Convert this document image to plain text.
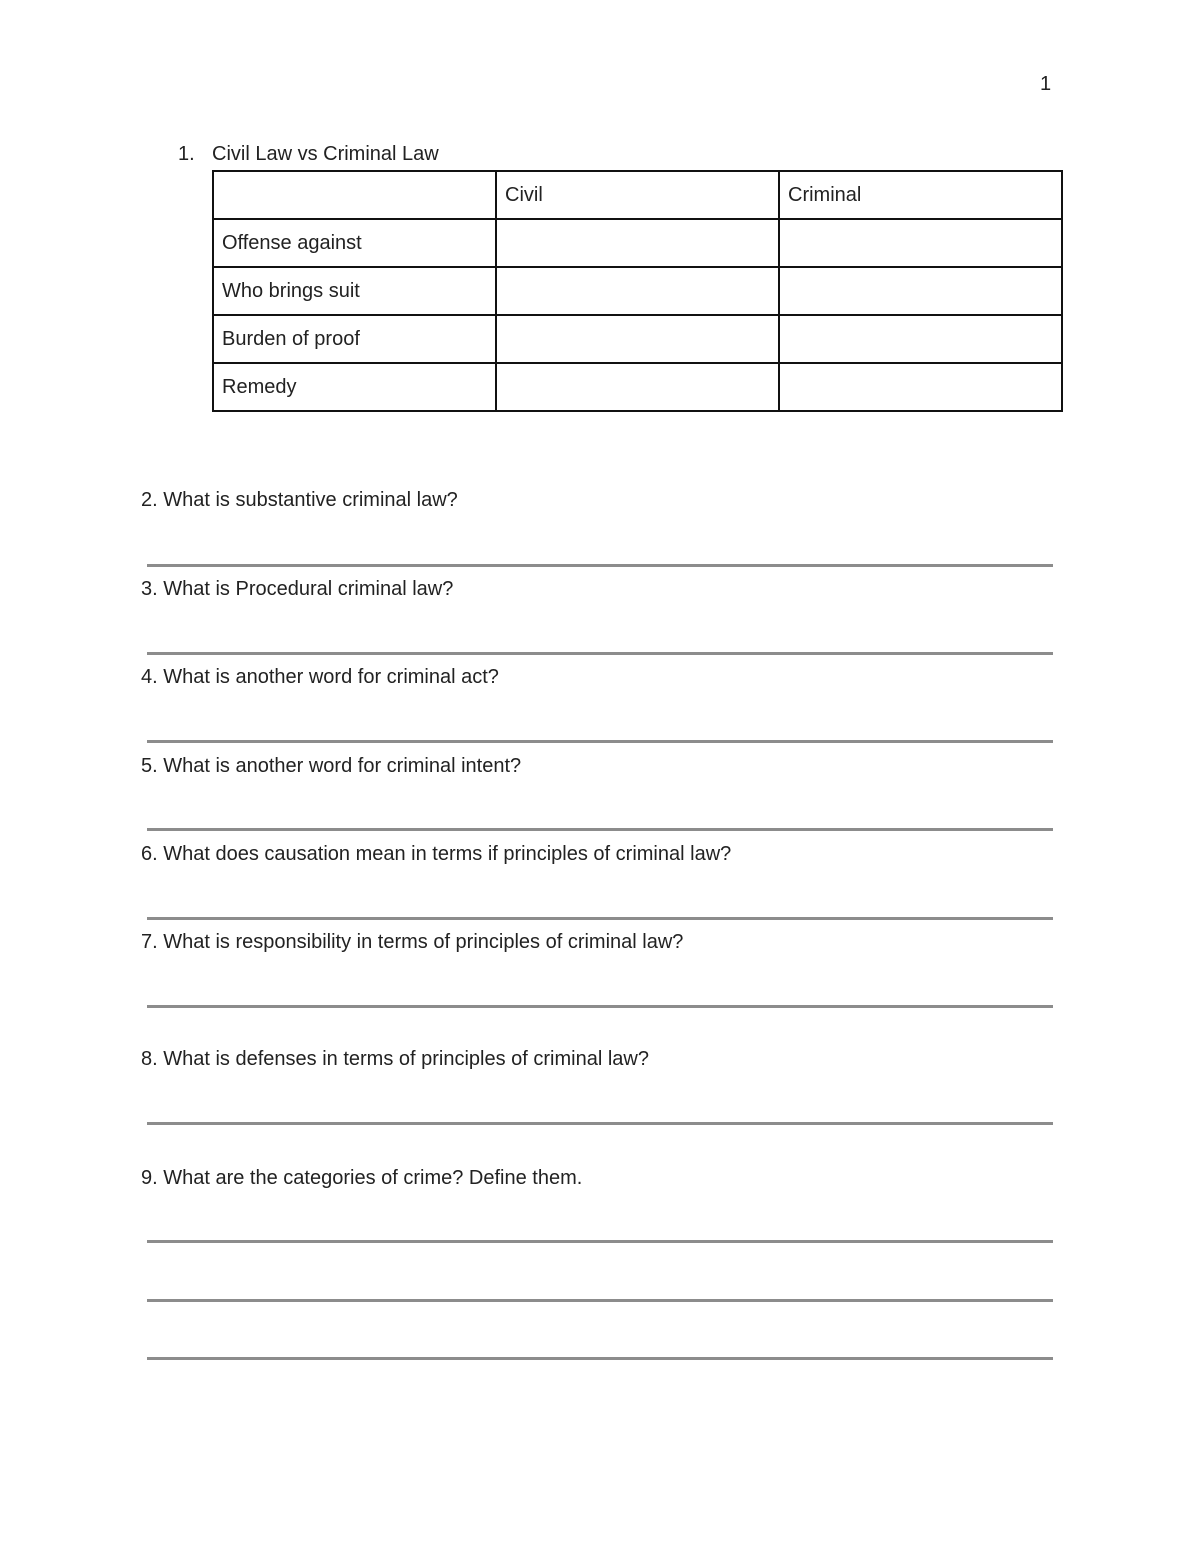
1
1. Civil Law vs Criminal Law
	Civil	Criminal
Offense against		
Who brings suit		
Burden of proof		
Remedy		
2. What is substantive criminal law?
3. What is Procedural criminal law?
4. What is another word for criminal act?
5. What is another word for criminal intent?
6. What does causation mean in terms if principles of criminal law?
7. What is responsibility in terms of principles of criminal law?
8. What is defenses in terms of principles of criminal law?
9. What are the categories of crime? Define them.
